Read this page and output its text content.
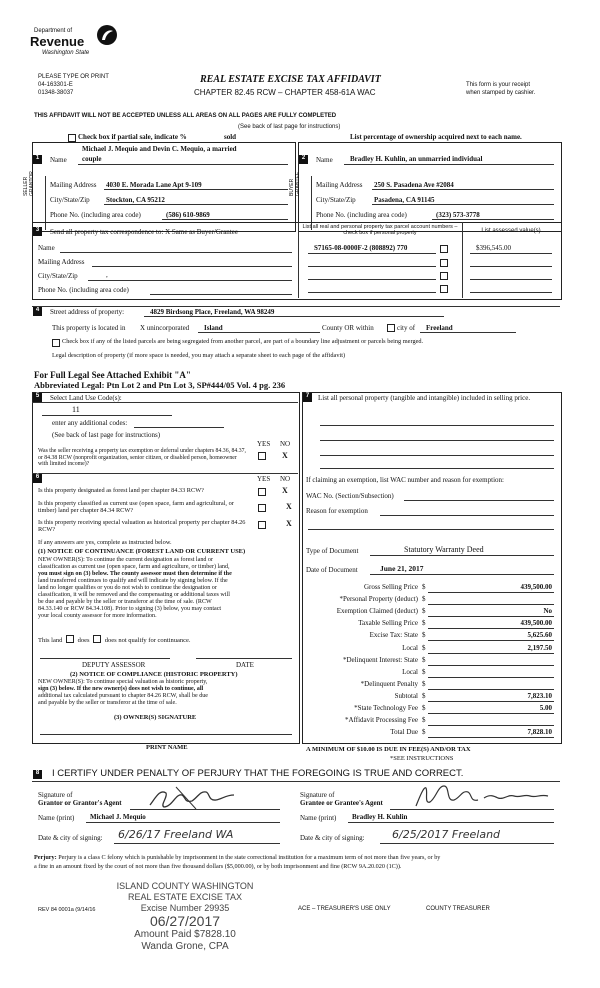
Department of
Revenue
Washington State
PLEASE TYPE OR PRINT
04-163301-E
01348-38037
REAL ESTATE EXCISE TAX AFFIDAVIT
CHAPTER 82.45 RCW – CHAPTER 458-61A WAC
This form is your receipt
when stamped by cashier.
THIS AFFIDAVIT WILL NOT BE ACCEPTED UNLESS ALL AREAS ON ALL PAGES ARE FULLY COMPLETED
(See back of last page for instructions)
Check box if partial sale, indicate %	sold	List percentage of ownership acquired next to each name.
1
Michael J. Mequio and Devin C. Mequio, a married
Name couple
SELLER GRANTOR Mailing Address 4030 E. Morada Lane Apt 9-109
City/State/Zip Stockton, CA 95212
Phone No. (including area code)	(586) 610-9869
2	Name Bradley H. Kuhlin, an unmarried individual
BUYER GRANTEE Mailing Address 250 S. Pasadena Ave #2084
City/State/Zip	Pasadena, CA 91145
Phone No. (including area code)	(323) 573-3778
3	Send all property tax correspondence to: X Same as Buyer/Grantee
Name
Mailing Address
City/State/Zip	,
Phone No. (including area code)
List all real and personal property tax parcel account numbers – check box if personal property	List assessed value(s)
S7165-08-0000F-2 (808892) 770	$396,545.00
4	Street address of property:	4829 Birdsong Place, Freeland, WA 98249
This property is located in X unincorporated Island	County OR within	city of Freeland
Check box if any of the listed parcels are being segregated from another parcel, are part of a boundary line adjustment or parcels being merged.
Legal description of property (if more space is needed, you may attach a separate sheet to each page of the affidavit)
For Full Legal See Attached Exhibit "A"
Abbreviated Legal: Ptn Lot 2 and Ptn Lot 3, SP#444/05 Vol. 4 pg. 236
5	Select Land Use Code(s):
11
enter any additional codes:
(See back of last page for instructions)
YES NO
Was the seller receiving a property tax exemption or deferral under chapters 84.36, 84.37, or 84.38 RCW (nonprofit organization, senior citizen, or disabled person, homeowner with limited income)?
X
6	YES NO
Is this property designated as forest land per chapter 84.33 RCW?	X
Is this property classified as current use (open space, farm and agricultural, or timber) land per chapter 84.34 RCW?	X
Is this property receiving special valuation as historical property per chapter 84.26 RCW?
X
If any answers are yes, complete as instructed below.
(1) NOTICE OF CONTINUANCE (FOREST LAND OR CURRENT USE)
NEW OWNER(S): To continue the current designation as forest land or
classification as current use (open space, farm and agriculture, or timber) land,
you must sign on (3) below. The county assessor must then determine if the
land transferred continues to qualify and will indicate by signing below. If the
land no longer qualifies or you do not wish to continue the designation or
classification, it will be removed and the compensating or additional taxes will
be due and payable by the seller or transferor at the time of sale. (RCW
84.33.140 or RCW 84.34.108). Prior to signing (3) below, you may contact
your local county assessor for more information.
This land does does not qualify for continuance.
DEPUTY ASSESSOR	DATE
(2) NOTICE OF COMPLIANCE (HISTORIC PROPERTY)
NEW OWNER(S): To continue special valuation as historic property,
sign (3) below. If the new owner(s) does not wish to continue, all
additional tax calculated pursuant to chapter 84.26 RCW, shall be due
and payable by the seller or transferor at the time of sale.
(3) OWNER(S) SIGNATURE
PRINT NAME
7	List all personal property (tangible and intangible) included in selling price.
If claiming an exemption, list WAC number and reason for exemption:
WAC No. (Section/Subsection)
Reason for exemption
Type of Document	Statutory Warranty Deed
Date of Document	June 21, 2017
Gross Selling Price $	439,500.00
*Personal Property (deduct) $
Exemption Claimed (deduct) $	No
Taxable Selling Price $	439,500.00
Excise Tax: State $	5,625.60
Local $	2,197.50
*Delinquent Interest: State $
Local $
*Delinquent Penalty $
Subtotal $	7,823.10
*State Technology Fee $	5.00
*Affidavit Processing Fee $
Total Due $	7,828.10
A MINIMUM OF $10.00 IS DUE IN FEE(S) AND/OR TAX
*SEE INSTRUCTIONS
8 I CERTIFY UNDER PENALTY OF PERJURY THAT THE FOREGOING IS TRUE AND CORRECT.
Signature of
Grantor or Grantor's Agent
Name (print) Michael J. Mequio
Date & city of signing: 6/26/17 Freeland WA
Signature of
Grantee or Grantee's Agent
Name (print) Bradley H. Kuhlin
Date & city of signing: 6/25/2017 Freeland
Perjury: Perjury is a class C felony which is punishable by imprisonment in the state correctional institution for a maximum term of not more than five years, or by
a fine in an amount fixed by the court of not more than five thousand dollars ($5,000.00), or by both imprisonment and fine (RCW 9A.20.020 (1C)).
ISLAND COUNTY WASHINGTON
REAL ESTATE EXCISE TAX
Excise Number 29935
06/27/2017
Amount Paid $7828.10
Wanda Grone, CPA
REV 84 0001a (9/14/16	ACE – TREASURER'S USE ONLY	COUNTY TREASURER
